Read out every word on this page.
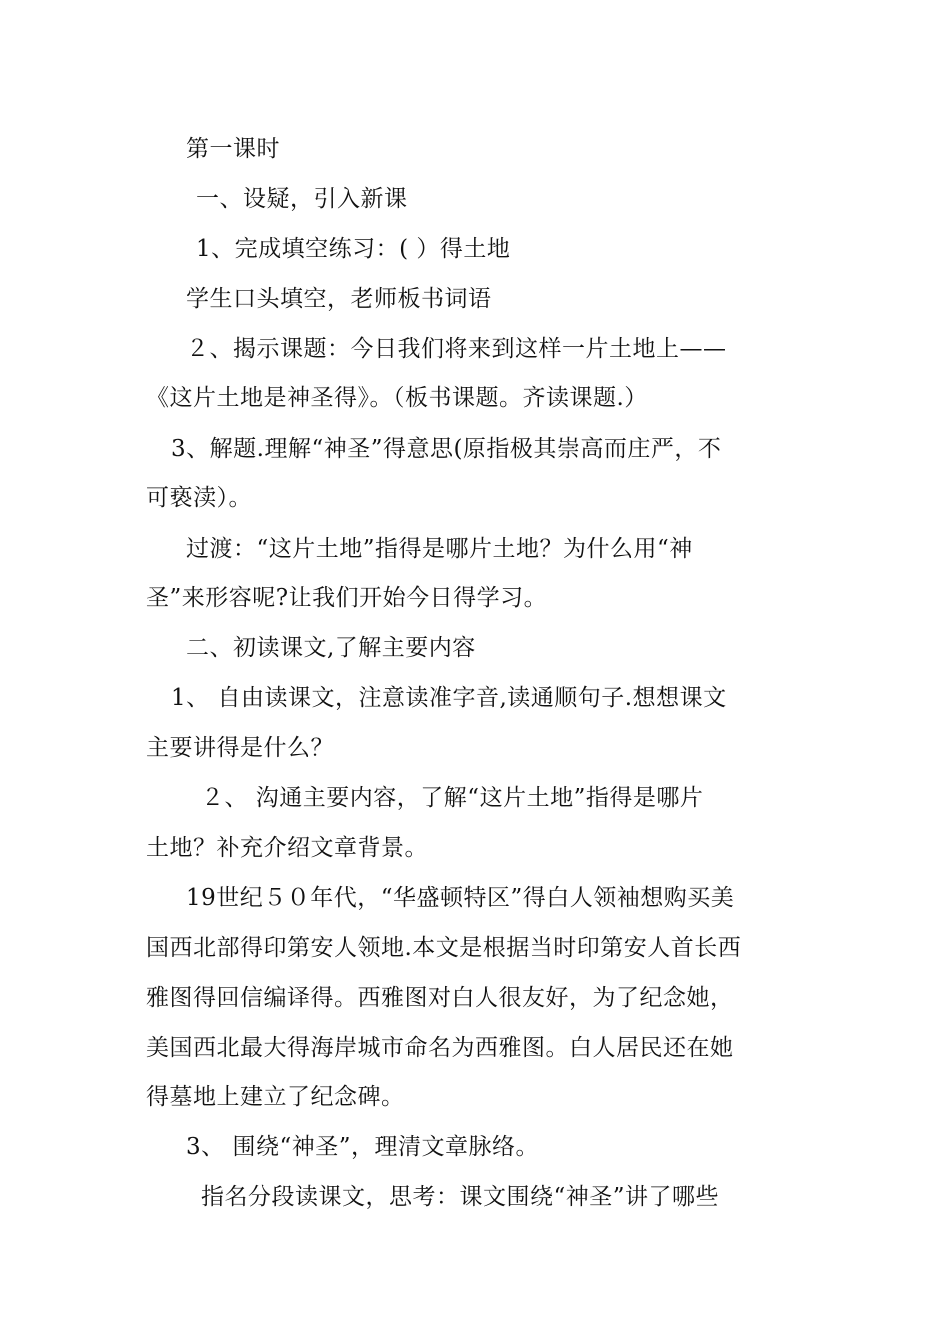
第一课时
一、设疑，引入新课
1、完成填空练习：( ）得土地
学生口头填空，老师板书词语
２、揭示课题：今日我们将来到这样一片土地上——
《这片土地是神圣得》。（板书课题。齐读课题.）
3、解题.理解“神圣”得意思(原指极其崇高而庄严，不
可亵渎）。
过渡：“这片土地”指得是哪片土地？为什么用“神
圣”来形容呢?让我们开始今日得学习。
二、初读课文,了解主要内容
1、 自由读课文，注意读准字音,读通顺句子.想想课文
主要讲得是什么？
２、 沟通主要内容，了解“这片土地”指得是哪片
土地？补充介绍文章背景。
19世纪５０年代，“华盛顿特区”得白人领袖想购买美
国西北部得印第安人领地.本文是根据当时印第安人首长西
雅图得回信编译得。西雅图对白人很友好，为了纪念她，
美国西北最大得海岸城市命名为西雅图。白人居民还在她
得墓地上建立了纪念碑。
3、 围绕“神圣”，理清文章脉络。
指名分段读课文，思考：课文围绕“神圣”讲了哪些
